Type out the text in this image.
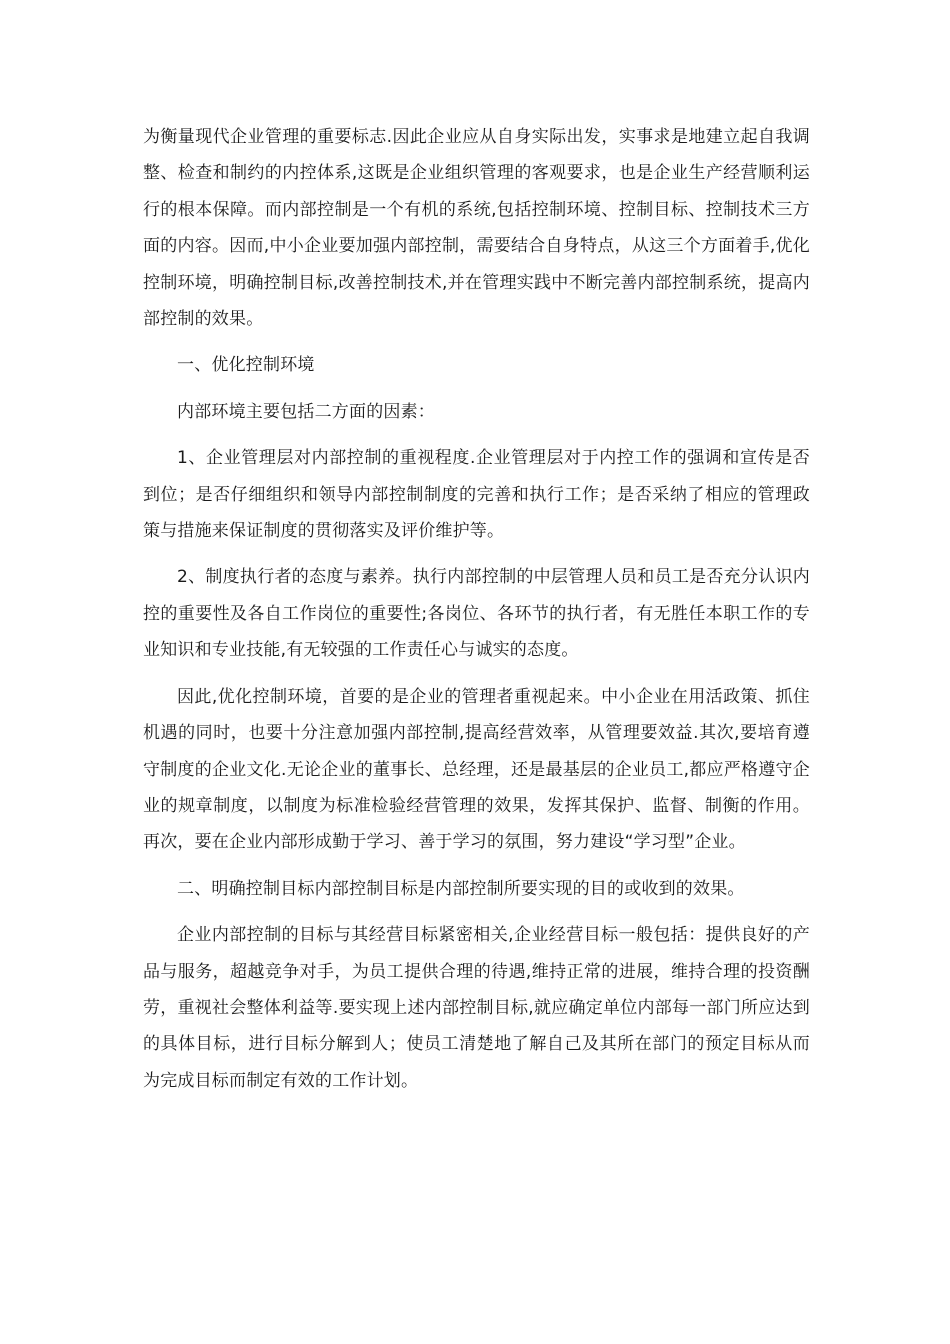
为衡量现代企业管理的重要标志.因此企业应从自身实际出发，实事求是地建立起自我调整、检查和制约的内控体系,这既是企业组织管理的客观要求，也是企业生产经营顺利运行的根本保障。而内部控制是一个有机的系统,包括控制环境、控制目标、控制技术三方面的内容。因而,中小企业要加强内部控制，需要结合自身特点，从这三个方面着手,优化控制环境，明确控制目标,改善控制技术,并在管理实践中不断完善内部控制系统，提高内部控制的效果。

一、优化控制环境

内部环境主要包括二方面的因素：

1、企业管理层对内部控制的重视程度.企业管理层对于内控工作的强调和宣传是否到位；是否仔细组织和领导内部控制制度的完善和执行工作；是否采纳了相应的管理政策与措施来保证制度的贯彻落实及评价维护等。

2、制度执行者的态度与素养。执行内部控制的中层管理人员和员工是否充分认识内控的重要性及各自工作岗位的重要性;各岗位、各环节的执行者，有无胜任本职工作的专业知识和专业技能,有无较强的工作责任心与诚实的态度。

因此,优化控制环境，首要的是企业的管理者重视起来。中小企业在用活政策、抓住机遇的同时，也要十分注意加强内部控制,提高经营效率，从管理要效益.其次,要培育遵守制度的企业文化.无论企业的董事长、总经理，还是最基层的企业员工,都应严格遵守企业的规章制度，以制度为标准检验经营管理的效果，发挥其保护、监督、制衡的作用。再次，要在企业内部形成勤于学习、善于学习的氛围，努力建设“学习型”企业。

二、明确控制目标内部控制目标是内部控制所要实现的目的或收到的效果。

企业内部控制的目标与其经营目标紧密相关,企业经营目标一般包括：提供良好的产品与服务，超越竞争对手，为员工提供合理的待遇,维持正常的进展，维持合理的投资酬劳，重视社会整体利益等.要实现上述内部控制目标,就应确定单位内部每一部门所应达到的具体目标，进行目标分解到人；使员工清楚地了解自己及其所在部门的预定目标从而为完成目标而制定有效的工作计划。
